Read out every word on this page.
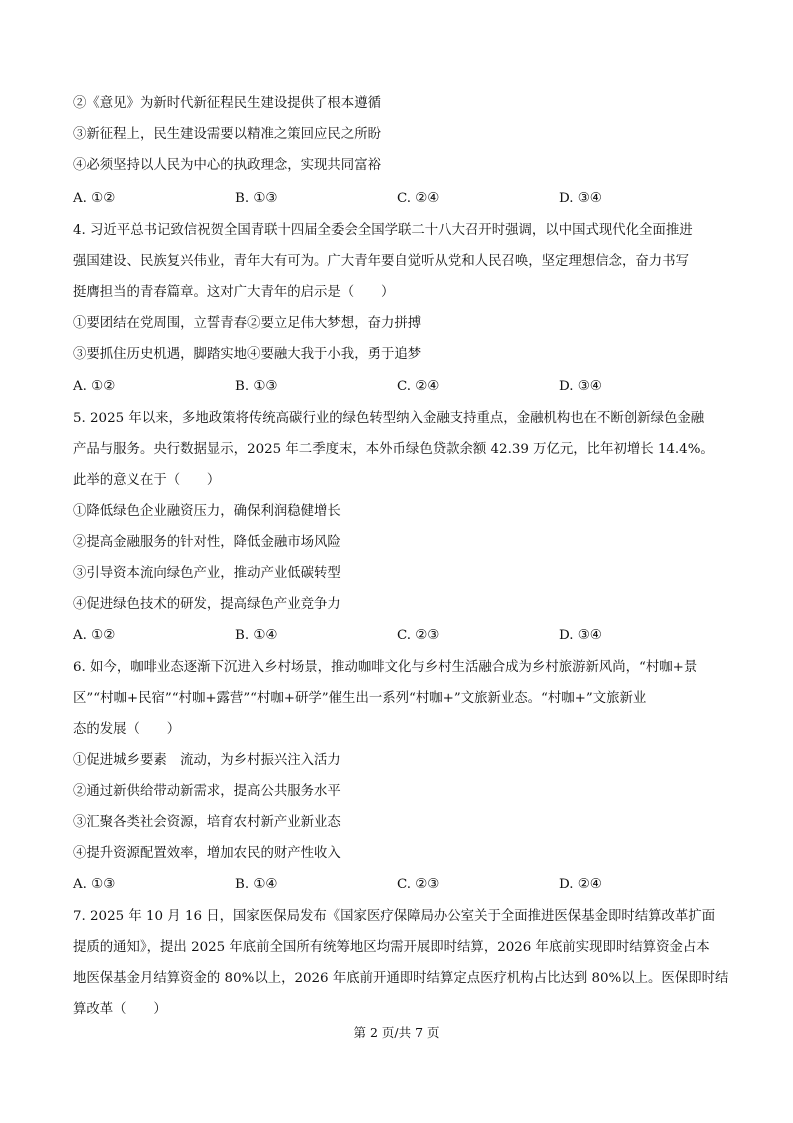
②《意见》为新时代新征程民生建设提供了根本遵循
③新征程上，民生建设需要以精准之策回应民之所盼
④必须坚持以人民为中心的执政理念，实现共同富裕
A. ①②	B. ①③	C. ②④	D. ③④
4. 习近平总书记致信祝贺全国青联十四届全委会全国学联二十八大召开时强调，以中国式现代化全面推进
强国建设、民族复兴伟业，青年大有可为。广大青年要自觉听从党和人民召唤，坚定理想信念，奋力书写
挺膺担当的青春篇章。这对广大青年的启示是（　　）
①要团结在党周围，立誓青春②要立足伟大梦想，奋力拼搏
③要抓住历史机遇，脚踏实地④要融大我于小我，勇于追梦
A. ①②	B. ①③	C. ②④	D. ③④
5. 2025 年以来，多地政策将传统高碳行业的绿色转型纳入金融支持重点，金融机构也在不断创新绿色金融
产品与服务。央行数据显示，2025 年二季度末，本外币绿色贷款余额 42.39 万亿元，比年初增长 14.4%。
此举的意义在于（　　）
①降低绿色企业融资压力，确保利润稳健增长
②提高金融服务的针对性，降低金融市场风险
③引导资本流向绿色产业，推动产业低碳转型
④促进绿色技术的研发，提高绿色产业竞争力
A. ①②	B. ①④	C. ②③	D. ③④
6. 如今，咖啡业态逐渐下沉进入乡村场景，推动咖啡文化与乡村生活融合成为乡村旅游新风尚，“村咖+景
区”“村咖+民宿”“村咖+露营”“村咖+研学”催生出一系列“村咖+”文旅新业态。“村咖+”文旅新业
态的发展（　　）
①促进城乡要素　流动，为乡村振兴注入活力
②通过新供给带动新需求，提高公共服务水平
③汇聚各类社会资源，培育农村新产业新业态
④提升资源配置效率，增加农民的财产性收入
A. ①③	B. ①④	C. ②③	D. ②④
7. 2025 年 10 月 16 日，国家医保局发布《国家医疗保障局办公室关于全面推进医保基金即时结算改革扩面
提质的通知》，提出 2025 年底前全国所有统筹地区均需开展即时结算，2026 年底前实现即时结算资金占本
地医保基金月结算资金的 80%以上，2026 年底前开通即时结算定点医疗机构占比达到 80%以上。医保即时结
算改革（　　）
第 2 页/共 7 页
